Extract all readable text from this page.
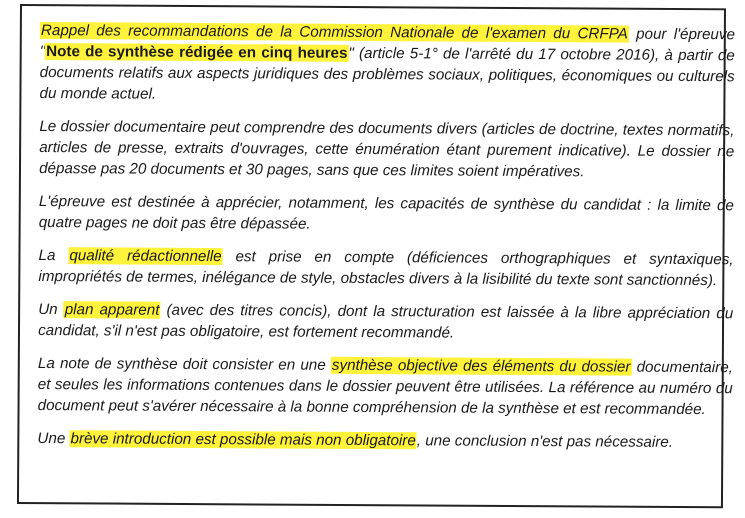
Rappel des recommandations de la Commission Nationale de l'examen du CRFPA pour l'épreuve "Note de synthèse rédigée en cinq heures" (article 5-1° de l'arrêté du 17 octobre 2016), à partir de documents relatifs aux aspects juridiques des problèmes sociaux, politiques, économiques ou culturels du monde actuel.

Le dossier documentaire peut comprendre des documents divers (articles de doctrine, textes normatifs, articles de presse, extraits d'ouvrages, cette énumération étant purement indicative). Le dossier ne dépasse pas 20 documents et 30 pages, sans que ces limites soient impératives.

L'épreuve est destinée à apprécier, notamment, les capacités de synthèse du candidat : la limite de quatre pages ne doit pas être dépassée.

La qualité rédactionnelle est prise en compte (déficiences orthographiques et syntaxiques, impropriétés de termes, inélégance de style, obstacles divers à la lisibilité du texte sont sanctionnés).

Un plan apparent (avec des titres concis), dont la structuration est laissée à la libre appréciation du candidat, s'il n'est pas obligatoire, est fortement recommandé.

La note de synthèse doit consister en une synthèse objective des éléments du dossier documentaire, et seules les informations contenues dans le dossier peuvent être utilisées. La référence au numéro du document peut s'avérer nécessaire à la bonne compréhension de la synthèse et est recommandée.

Une brève introduction est possible mais non obligatoire, une conclusion n'est pas nécessaire.
